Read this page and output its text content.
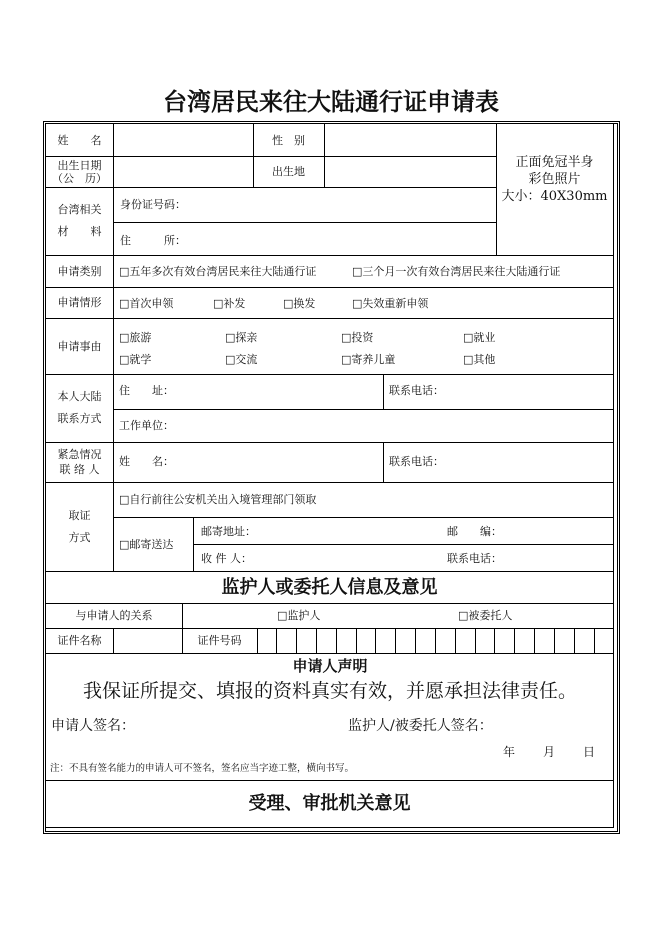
台湾居民来往大陆通行证申请表
姓　　名	性　别
出生日期
（公　历）	出生地
正面免冠半身
彩色照片
大小：40X30mm
台湾相关
材　　料
身份证号码：
住　　　所：
申请类别	□五年多次有效台湾居民来往大陆通行证	□三个月一次有效台湾居民来往大陆通行证
申请情形	□首次申领	□补发	□换发	□失效重新申领
申请事由
□旅游	□探亲	□投资	□就业
□就学	□交流	□寄养儿童	□其他
本人大陆
联系方式
住　　址：	联系电话：
工作单位：
紧急情况
联 络 人
姓　　名：	联系电话：
取证
方式
□自行前往公安机关出入境管理部门领取
□邮寄送达
邮寄地址：	邮　　编：
收 件 人：	联系电话：
监护人或委托人信息及意见
与申请人的关系	□监护人	□被委托人
证件名称	证件号码
申请人声明
我保证所提交、填报的资料真实有效，并愿承担法律责任。
申请人签名：	监护人/被委托人签名：
年 月 日
注：不具有签名能力的申请人可不签名，签名应当字迹工整，横向书写。
受理、审批机关意见
